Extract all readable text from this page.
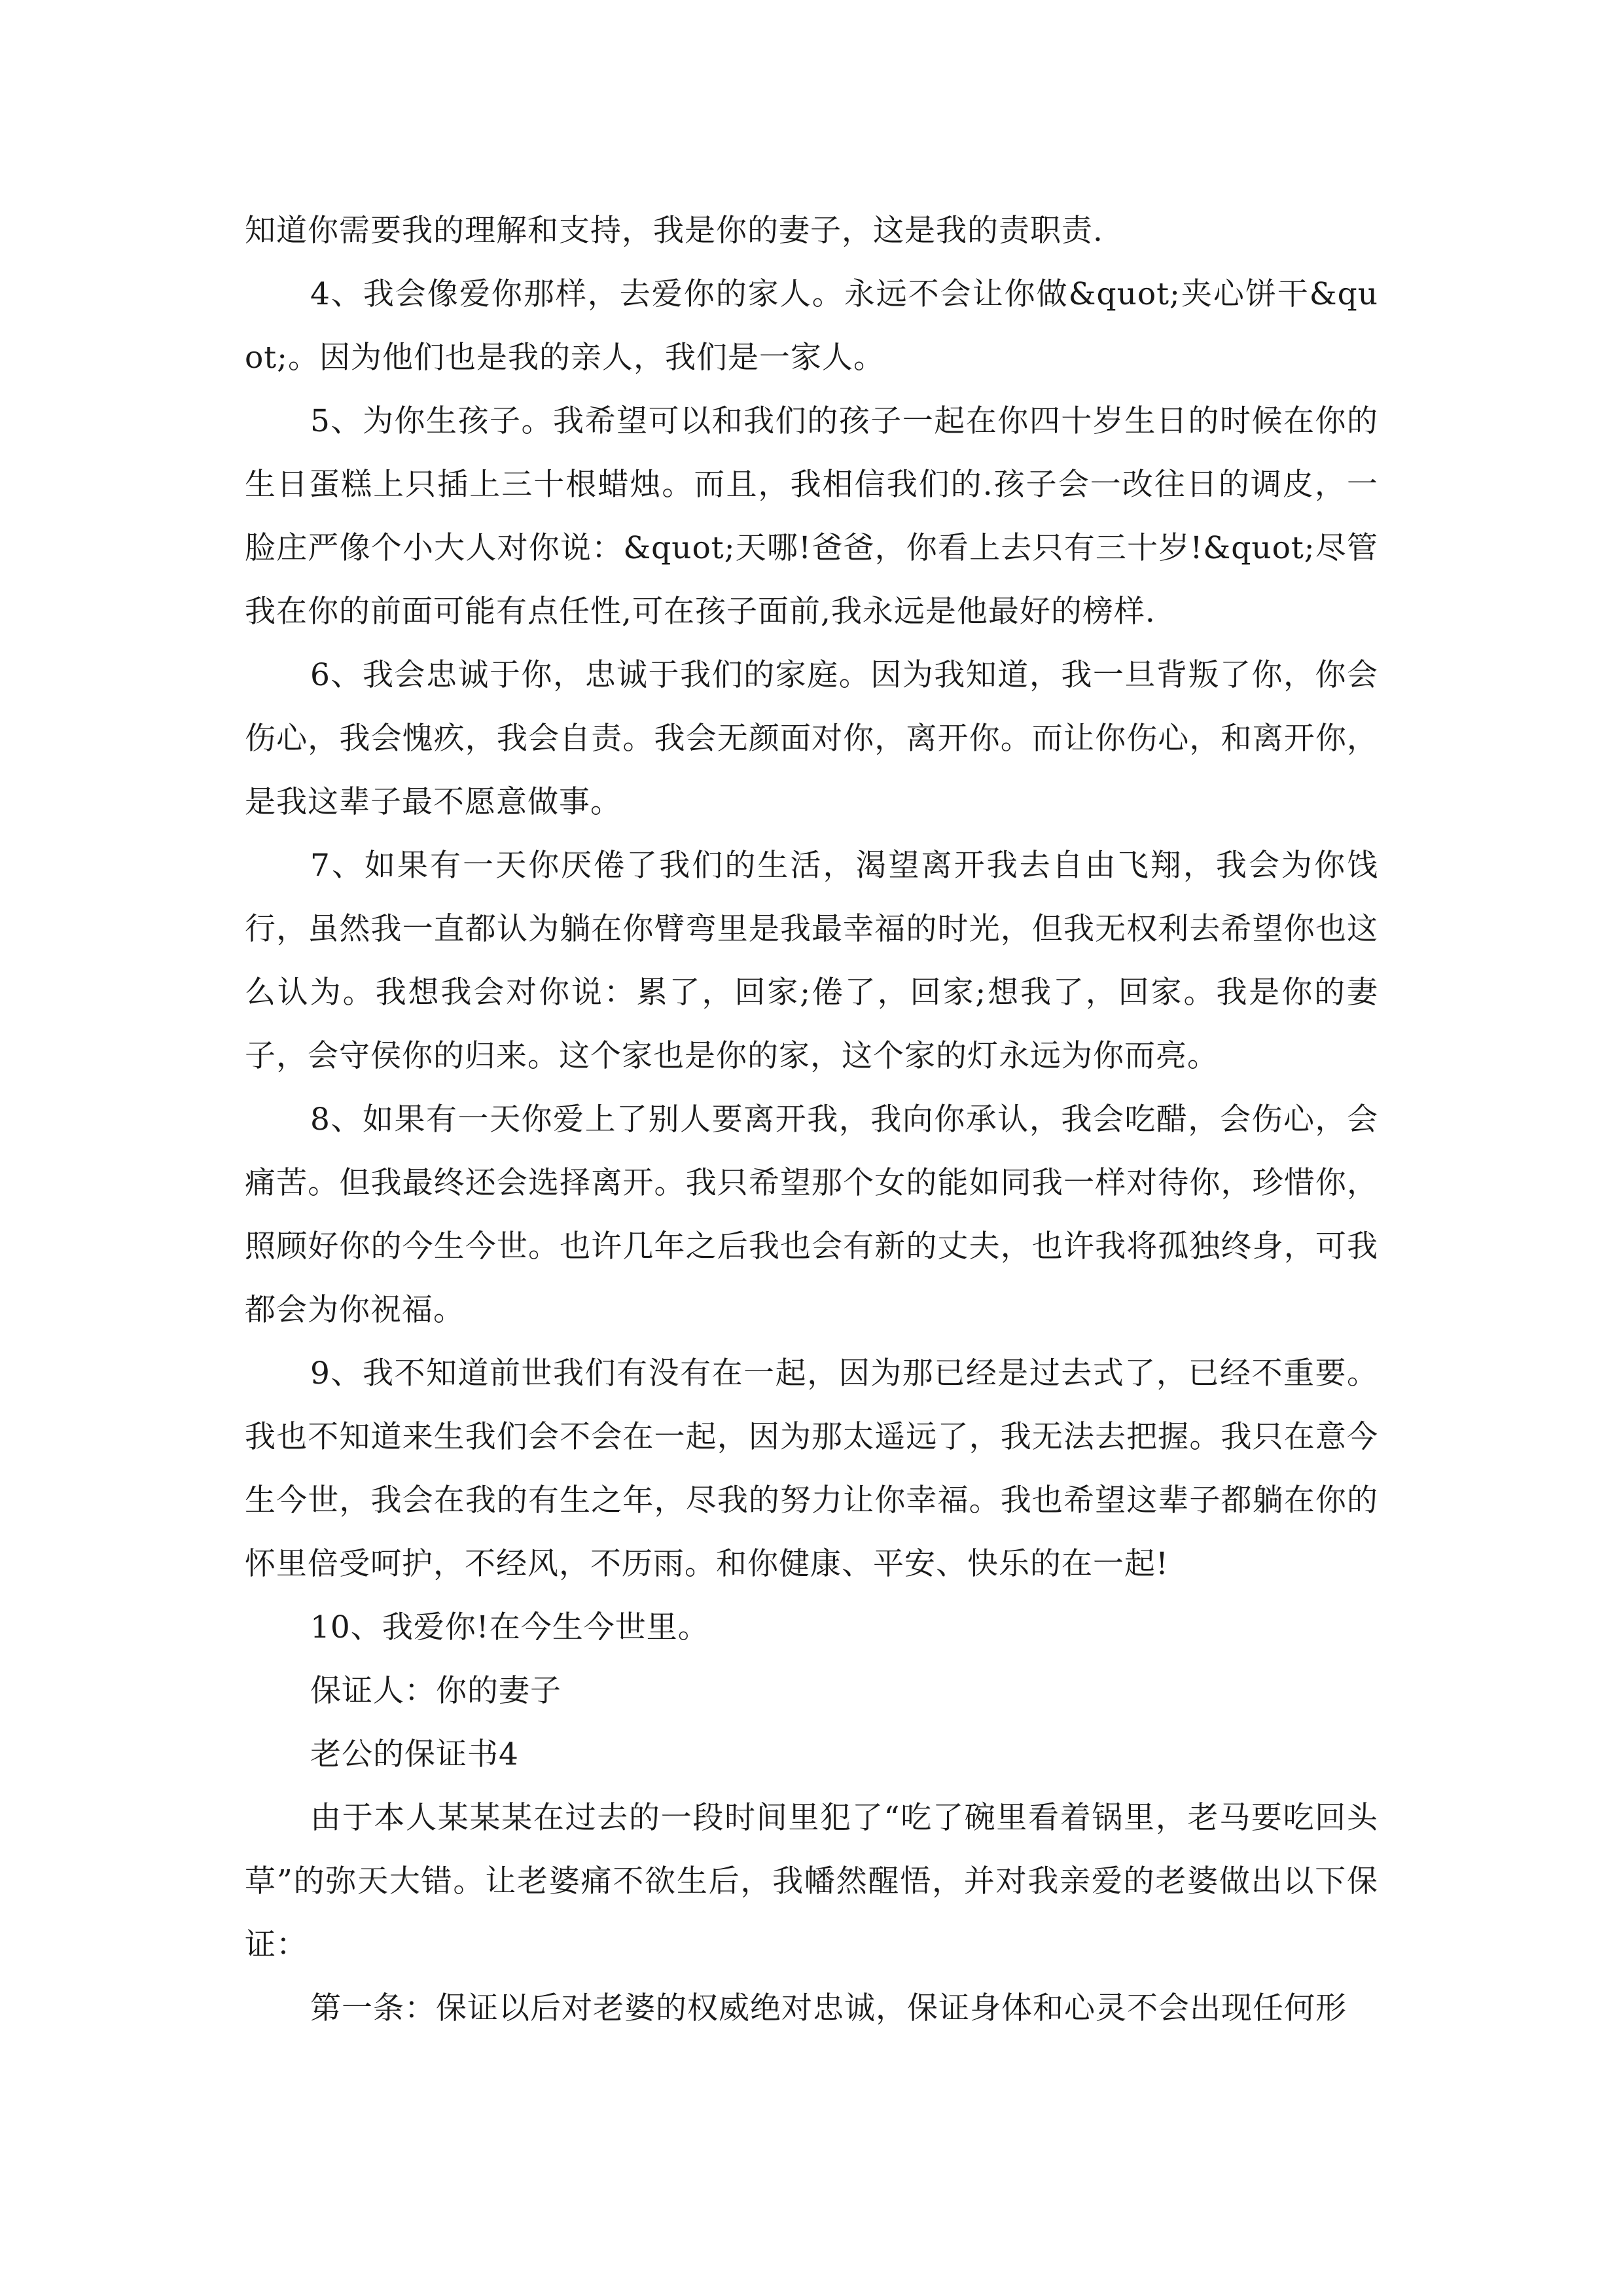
知道你需要我的理解和支持，我是你的妻子，这是我的责职责.

4、我会像爱你那样，去爱你的家人。永远不会让你做&quot;夹心饼干&quot;。因为他们也是我的亲人，我们是一家人。

5、为你生孩子。我希望可以和我们的孩子一起在你四十岁生日的时候在你的生日蛋糕上只插上三十根蜡烛。而且，我相信我们的.孩子会一改往日的调皮，一脸庄严像个小大人对你说：&quot;天哪!爸爸，你看上去只有三十岁!&quot;尽管我在你的前面可能有点任性,可在孩子面前,我永远是他最好的榜样.

6、我会忠诚于你，忠诚于我们的家庭。因为我知道，我一旦背叛了你，你会伤心，我会愧疚，我会自责。我会无颜面对你，离开你。而让你伤心，和离开你，是我这辈子最不愿意做事。

7、如果有一天你厌倦了我们的生活，渴望离开我去自由飞翔，我会为你饯行，虽然我一直都认为躺在你臂弯里是我最幸福的时光，但我无权利去希望你也这么认为。我想我会对你说：累了，回家;倦了，回家;想我了，回家。我是你的妻子，会守侯你的归来。这个家也是你的家，这个家的灯永远为你而亮。

8、如果有一天你爱上了别人要离开我，我向你承认，我会吃醋，会伤心，会痛苦。但我最终还会选择离开。我只希望那个女的能如同我一样对待你，珍惜你，照顾好你的今生今世。也许几年之后我也会有新的丈夫，也许我将孤独终身，可我都会为你祝福。

9、我不知道前世我们有没有在一起，因为那已经是过去式了，已经不重要。我也不知道来生我们会不会在一起，因为那太遥远了，我无法去把握。我只在意今生今世，我会在我的有生之年，尽我的努力让你幸福。我也希望这辈子都躺在你的怀里倍受呵护，不经风，不历雨。和你健康、平安、快乐的在一起!

10、我爱你!在今生今世里。

保证人：你的妻子

老公的保证书4

由于本人某某某在过去的一段时间里犯了“吃了碗里看着锅里，老马要吃回头草”的弥天大错。让老婆痛不欲生后，我幡然醒悟，并对我亲爱的老婆做出以下保证：

第一条：保证以后对老婆的权威绝对忠诚，保证身体和心灵不会出现任何形
